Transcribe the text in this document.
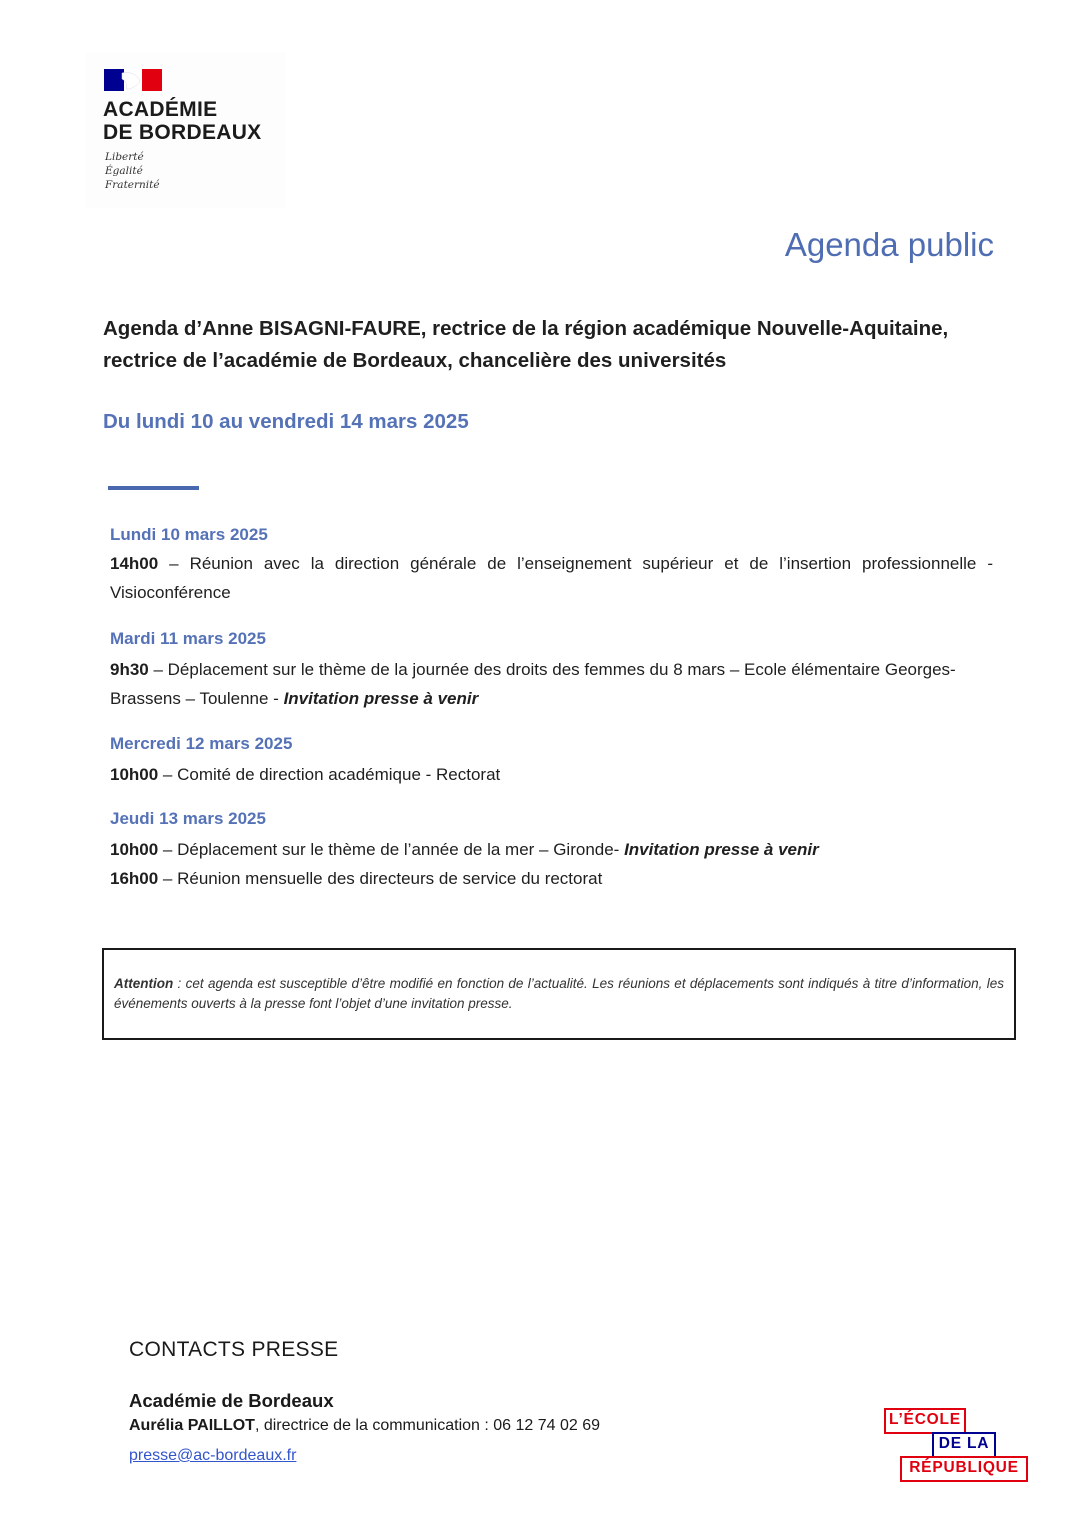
ACADÉMIE
DE BORDEAUX
Liberté
Égalité
Fraternité
Agenda public
Agenda d’Anne BISAGNI-FAURE, rectrice de la région académique Nouvelle-Aquitaine, rectrice de l’académie de Bordeaux, chancelière des universités
Du lundi 10 au vendredi 14 mars 2025
Lundi 10 mars 2025
14h00 – Réunion avec la direction générale de l’enseignement supérieur et de l’insertion professionnelle - Visioconférence
Mardi 11 mars 2025
9h30 – Déplacement sur le thème de la journée des droits des femmes du 8 mars – Ecole élémentaire Georges-Brassens – Toulenne - Invitation presse à venir
Mercredi 12 mars 2025
10h00 – Comité de direction académique - Rectorat
Jeudi 13 mars 2025
10h00 – Déplacement sur le thème de l’année de la mer – Gironde- Invitation presse à venir
16h00 – Réunion mensuelle des directeurs de service du rectorat
Attention : cet agenda est susceptible d’être modifié en fonction de l’actualité. Les réunions et déplacements sont indiqués à titre d’information, les événements ouverts à la presse font l’objet d’une invitation presse.
CONTACTS PRESSE
Académie de Bordeaux
Aurélia PAILLOT, directrice de la communication : 06 12 74 02 69
presse@ac-bordeaux.fr
L’ÉCOLE
DE LA
RÉPUBLIQUE
